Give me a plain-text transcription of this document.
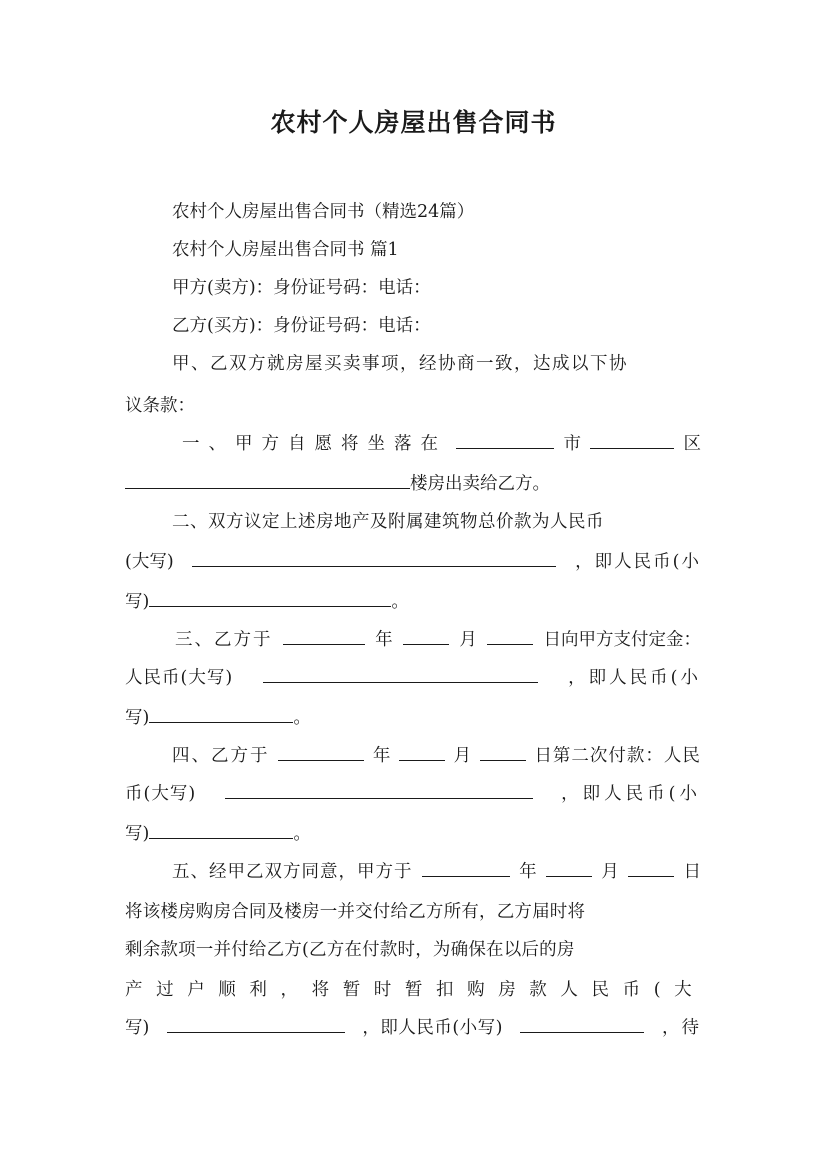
农村个人房屋出售合同书
农村个人房屋出售合同书（精选24篇）
农村个人房屋出售合同书 篇1
甲方(卖方)：身份证号码：电话：
乙方(买方)：身份证号码：电话：
甲、乙双方就房屋买卖事项，经协商一致，达成以下协
议条款：
一、甲方自愿将坐落在	市	区
楼房出卖给乙方。
二、双方议定上述房地产及附属建筑物总价款为人民币
(大写)	，即人民币(小
写)	。
三、乙方于	年	月	日向甲方支付定金：
人民币(大写)	，即人民币(小
写)	。
四、乙方于	年	月	日第二次付款：人民
币(大写)	，即人民币(小
写)	。
五、经甲乙双方同意，甲方于	年	月	日
将该楼房购房合同及楼房一并交付给乙方所有，乙方届时将
剩余款项一并付给乙方(乙方在付款时，为确保在以后的房
产过户顺利，将暂时暂扣购房款人民币(大
写)	，即人民币(小写)	，待
